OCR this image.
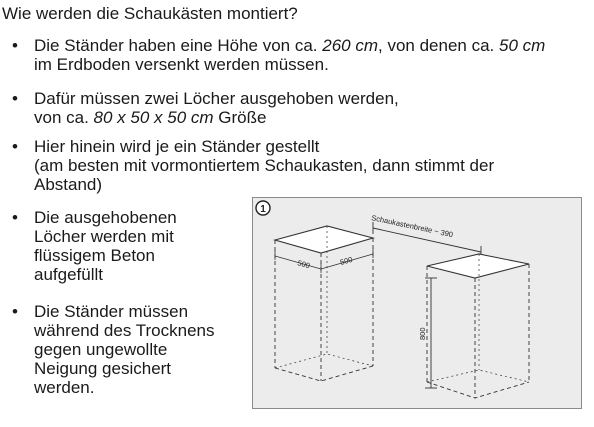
Wie werden die Schaukästen montiert?
• Die Ständer haben eine Höhe von ca. 260 cm, von denen ca. 50 cm
im Erdboden versenkt werden müssen.
• Dafür müssen zwei Löcher ausgehoben werden,
von ca. 80 x 50 x 50 cm Größe
• Hier hinein wird je ein Ständer gestellt
(am besten mit vormontiertem Schaukasten, dann stimmt der
Abstand)
• Die ausgehobenen
Löcher werden mit
flüssigem Beton
aufgefüllt
• Die Ständer müssen
während des Trocknens
gegen ungewollte
Neigung gesichert
werden.
1
500	500
Schaukastenbreite ~ 390
800
